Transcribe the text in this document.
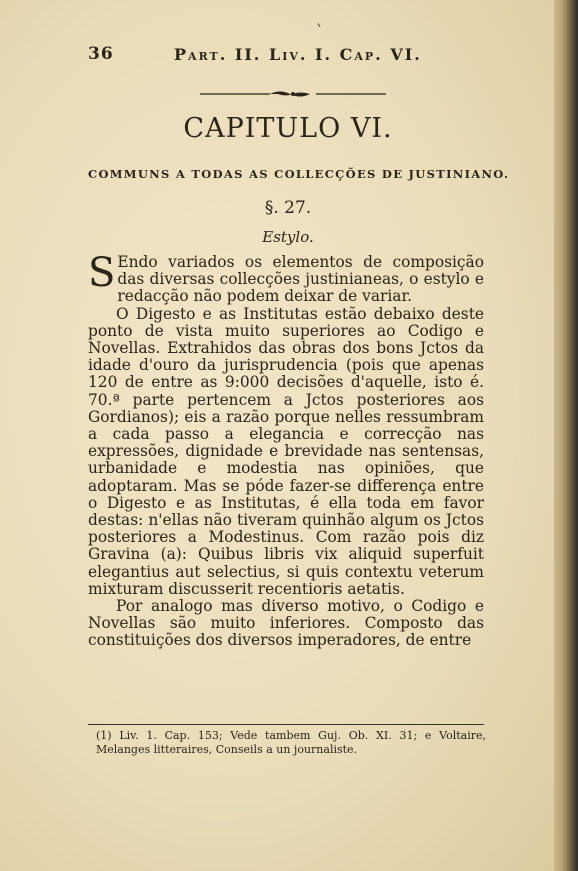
36	Part. II. Liv. I. Cap. VI.
CAPITULO VI.
COMMUNS A TODAS AS COLLECÇÕES DE JUSTINIANO.
§. 27.
Estylo.

S Endo variados os elementos de composição das diversas collecções justinianeas, o estylo e redacção não podem deixar de variar.

O Digesto e as Institutas estão debaixo deste ponto de vista muito superiores ao Codigo e Novellas. Extrahidos das obras dos bons Jctos da idade d'ouro da jurisprudencia (pois que apenas 120 de entre as 9:000 decisões d'aquelle, isto é. 70.ª parte pertencem a Jctos posteriores aos Gordianos); eis a razão porque nelles ressumbram a cada passo a elegancia e correcção nas expressões, dignidade e brevidade nas sentensas, urbanidade e modestia nas opiniões, que adoptaram. Mas se póde fazer-se differença entre o Digesto e as Institutas, é ella toda em favor destas: n'ellas não tiveram quinhão algum os Jctos posteriores a Modestinus. Com razão pois diz Gravina (a): Quibus libris vix aliquid superfuit elegantius aut selectius, si quis contextu veterum mixturam discusserit recentioris aetatis.

Por analogo mas diverso motivo, o Codigo e Novellas são muito inferiores. Composto das constituições dos diversos imperadores, de entre

(1) Liv. 1. Cap. 153; Vede tambem Guj. Ob. XI. 31; e Voltaire, Melanges litteraires, Conseils a un journaliste.
